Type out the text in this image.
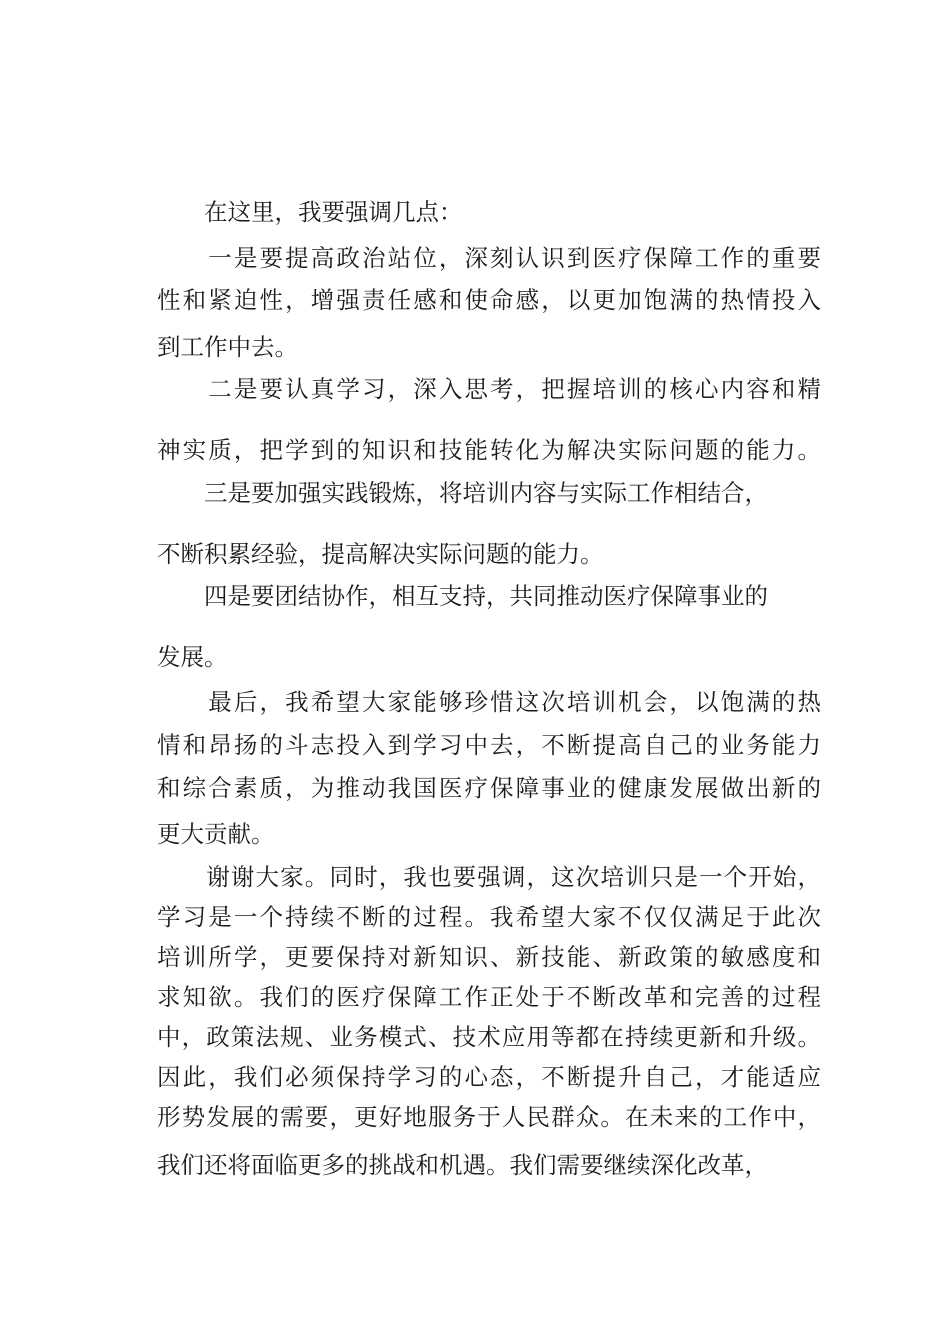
　　在这里，我要强调几点：
　　一是要提高政治站位，深刻认识到医疗保障工作的重要
性和紧迫性，增强责任感和使命感，以更加饱满的热情投入
到工作中去。
　　二是要认真学习，深入思考，把握培训的核心内容和精
神实质，把学到的知识和技能转化为解决实际问题的能力。
　　三是要加强实践锻炼，将培训内容与实际工作相结合，
不断积累经验，提高解决实际问题的能力。
　　四是要团结协作，相互支持，共同推动医疗保障事业的
发展。
　　最后，我希望大家能够珍惜这次培训机会，以饱满的热
情和昂扬的斗志投入到学习中去，不断提高自己的业务能力
和综合素质，为推动我国医疗保障事业的健康发展做出新的
更大贡献。
　　谢谢大家。同时，我也要强调，这次培训只是一个开始，
学习是一个持续不断的过程。我希望大家不仅仅满足于此次
培训所学，更要保持对新知识、新技能、新政策的敏感度和
求知欲。我们的医疗保障工作正处于不断改革和完善的过程
中，政策法规、业务模式、技术应用等都在持续更新和升级。
因此，我们必须保持学习的心态，不断提升自己，才能适应
形势发展的需要，更好地服务于人民群众。在未来的工作中，
我们还将面临更多的挑战和机遇。我们需要继续深化改革，
